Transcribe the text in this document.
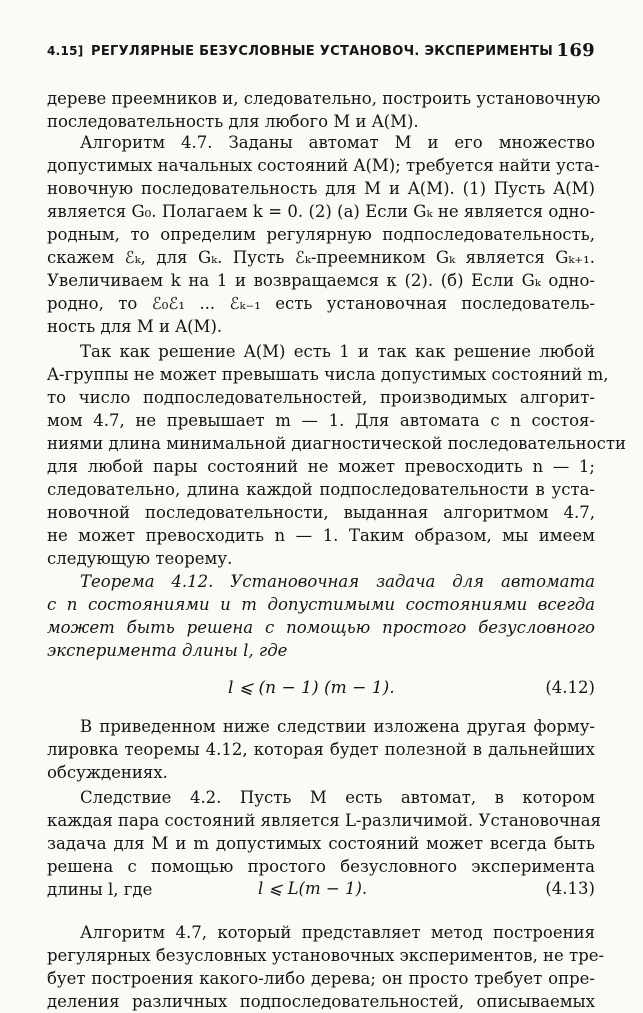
4.15] РЕГУЛЯРНЫЕ БЕЗУСЛОВНЫЕ УСТАНОВОЧ. ЭКСПЕРИМЕНТЫ 169
дереве преемников и, следовательно, построить установочную
последовательность для любого M и A(M).
Алгоритм 4.7. Заданы автомат M и его множество
допустимых начальных состояний A(M); требуется найти уста-
новочную последовательность для M и A(M). (1) Пусть A(M)
является G₀. Полагаем k = 0. (2) (а) Если Gₖ не является одно-
родным, то определим регулярную подпоследовательность,
скажем ℰₖ, для Gₖ. Пусть ℰₖ-преемником Gₖ является Gₖ₊₁.
Увеличиваем k на 1 и возвращаемся к (2). (б) Если Gₖ одно-
родно, то ℰ₀ℰ₁ ... ℰₖ₋₁ есть установочная последователь-
ность для M и A(M).
Так как решение A(M) есть 1 и так как решение любой
A-группы не может превышать числа допустимых состояний m,
то число подпоследовательностей, производимых алгорит-
мом 4.7, не превышает m — 1. Для автомата с n состоя-
ниями длина минимальной диагностической последовательности
для любой пары состояний не может превосходить n — 1;
следовательно, длина каждой подпоследовательности в уста-
новочной последовательности, выданная алгоритмом 4.7,
не может превосходить n — 1. Таким образом, мы имеем
следующую теорему.
Теорема 4.12. Установочная задача для автомата
с n состояниями и m допустимыми состояниями всегда
может быть решена с помощью простого безусловного
эксперимента длины l, где
l ⩽ (n − 1) (m − 1).	(4.12)
В приведенном ниже следствии изложена другая форму-
лировка теоремы 4.12, которая будет полезной в дальнейших
обсуждениях.
Следствие 4.2. Пусть M есть автомат, в котором
каждая пара состояний является L-различимой. Установочная
задача для M и m допустимых состояний может всегда быть
решена с помощью простого безусловного эксперимента
длины l, где	l ⩽ L(m − 1).	(4.13)
Алгоритм 4.7, который представляет метод построения
регулярных безусловных установочных экспериментов, не тре-
бует построения какого-либо дерева; он просто требует опре-
деления различных подпоследовательностей, описываемых
